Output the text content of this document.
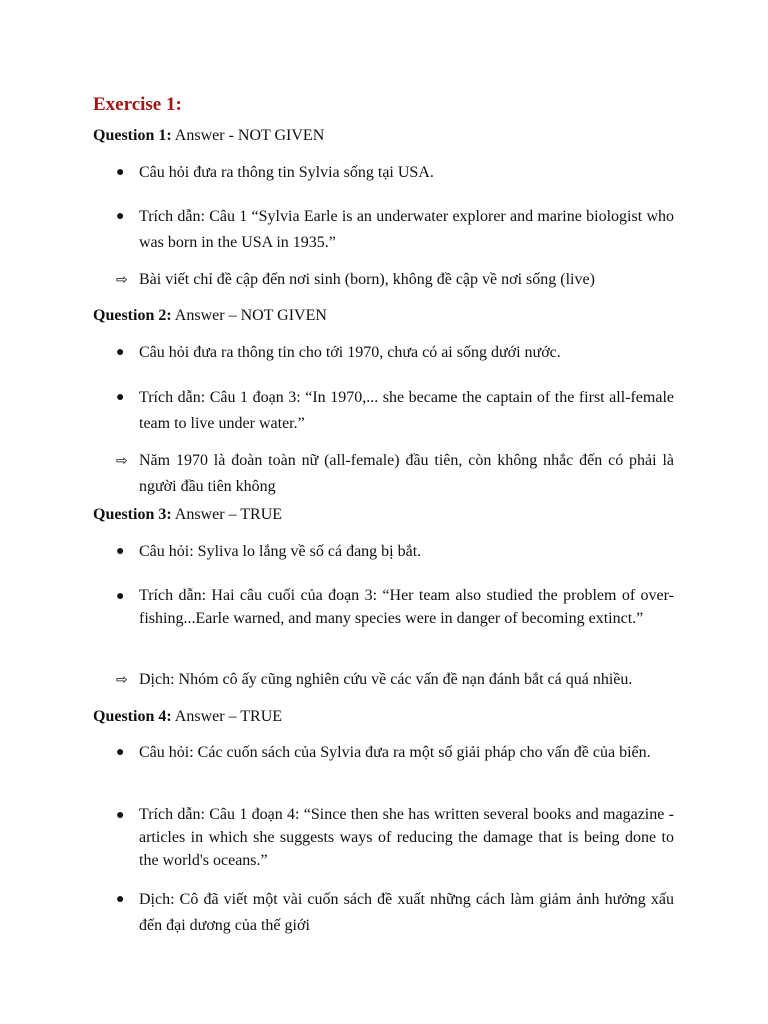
Exercise 1:
Question 1: Answer - NOT GIVEN
● Câu hỏi đưa ra thông tin Sylvia sống tại USA.
● Trích dẫn: Câu 1 “Sylvia Earle is an underwater explorer and marine biologist who was born in the USA in 1935.”
⇨ Bài viết chỉ đề cập đến nơi sinh (born), không đề cập về nơi sống (live)
Question 2: Answer – NOT GIVEN
● Câu hỏi đưa ra thông tin cho tới 1970, chưa có ai sống dưới nước.
● Trích dẫn: Câu 1 đoạn 3: “In 1970,... she became the captain of the first all-female team to live under water.”
⇨ Năm 1970 là đoàn toàn nữ (all-female) đầu tiên, còn không nhắc đến có phải là người đầu tiên không
Question 3: Answer – TRUE
● Câu hỏi: Syliva lo lắng về số cá đang bị bắt.
● Trích dẫn: Hai câu cuối của đoạn 3: “Her team also studied the problem of over-fishing...Earle warned, and many species were in danger of becoming extinct.”
⇨ Dịch: Nhóm cô ấy cũng nghiên cứu về các vấn đề nạn đánh bắt cá quá nhiều.
Question 4: Answer – TRUE
● Câu hỏi: Các cuốn sách của Sylvia đưa ra một số giải pháp cho vấn đề của biển.
● Trích dẫn: Câu 1 đoạn 4: “Since then she has written several books and magazine - articles in which she suggests ways of reducing the damage that is being done to the world's oceans.”
● Dịch: Cô đã viết một vài cuốn sách đề xuất những cách làm giảm ảnh hưởng xấu đến đại dương của thế giới
